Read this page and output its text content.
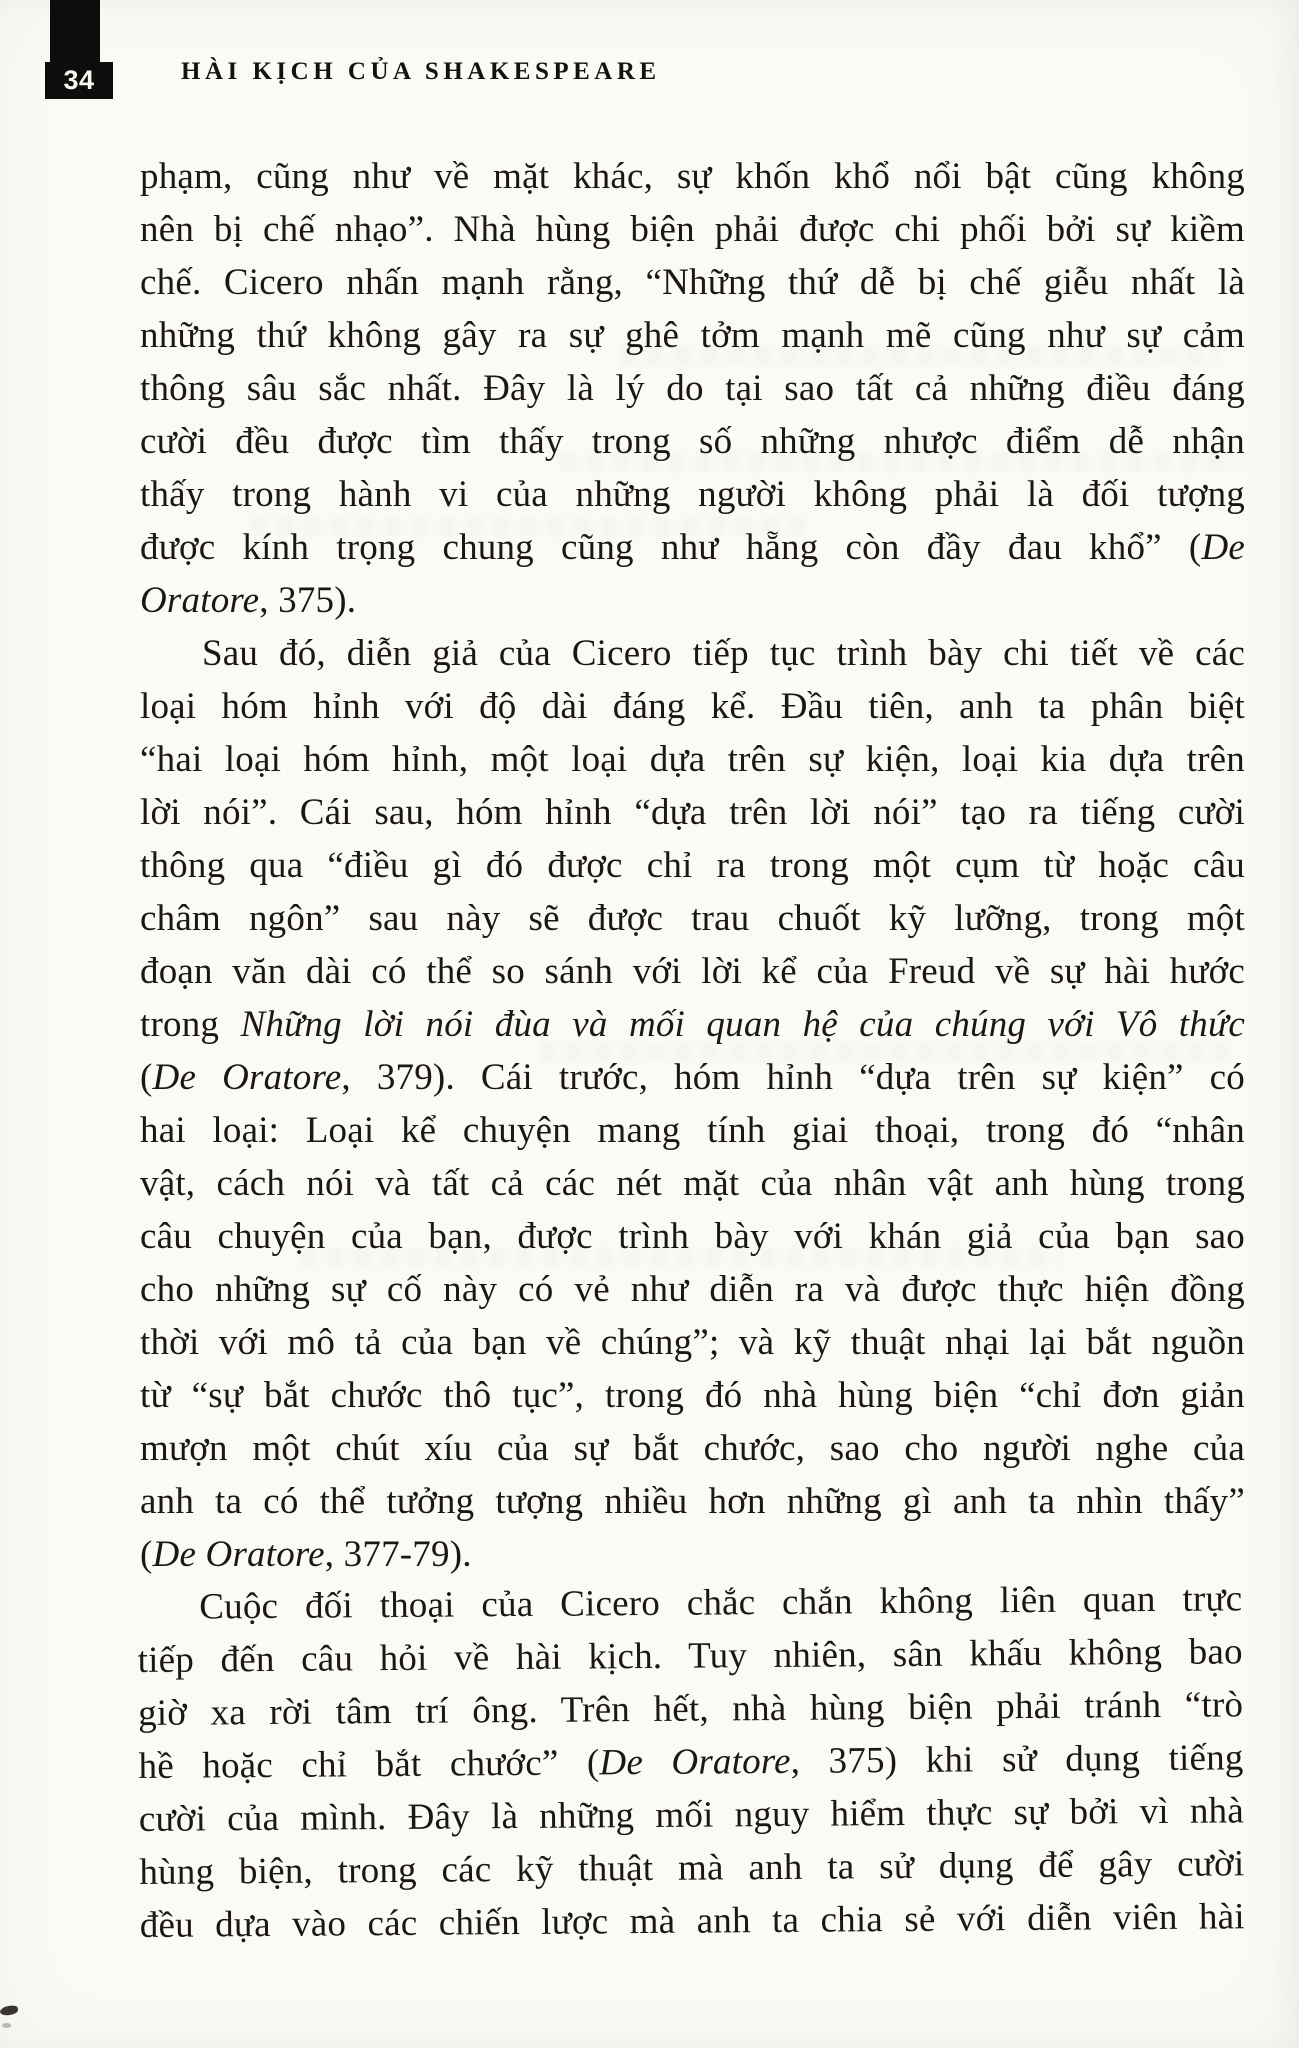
34	HÀI KỊCH CỦA SHAKESPEARE
phạm, cũng như về mặt khác, sự khốn khổ nổi bật cũng không
nên bị chế nhạo”. Nhà hùng biện phải được chi phối bởi sự kiềm
chế. Cicero nhấn mạnh rằng, “Những thứ dễ bị chế giễu nhất là
những thứ không gây ra sự ghê tởm mạnh mẽ cũng như sự cảm
thông sâu sắc nhất. Đây là lý do tại sao tất cả những điều đáng
cười đều được tìm thấy trong số những nhược điểm dễ nhận
thấy trong hành vi của những người không phải là đối tượng
được kính trọng chung cũng như hẵng còn đầy đau khổ” (De
Oratore, 375).
Sau đó, diễn giả của Cicero tiếp tục trình bày chi tiết về các
loại hóm hỉnh với độ dài đáng kể. Đầu tiên, anh ta phân biệt
“hai loại hóm hỉnh, một loại dựa trên sự kiện, loại kia dựa trên
lời nói”. Cái sau, hóm hỉnh “dựa trên lời nói” tạo ra tiếng cười
thông qua “điều gì đó được chỉ ra trong một cụm từ hoặc câu
châm ngôn” sau này sẽ được trau chuốt kỹ lưỡng, trong một
đoạn văn dài có thể so sánh với lời kể của Freud về sự hài hước
trong Những lời nói đùa và mối quan hệ của chúng với Vô thức
(De Oratore, 379). Cái trước, hóm hỉnh “dựa trên sự kiện” có
hai loại: Loại kể chuyện mang tính giai thoại, trong đó “nhân
vật, cách nói và tất cả các nét mặt của nhân vật anh hùng trong
câu chuyện của bạn, được trình bày với khán giả của bạn sao
cho những sự cố này có vẻ như diễn ra và được thực hiện đồng
thời với mô tả của bạn về chúng”; và kỹ thuật nhại lại bắt nguồn
từ “sự bắt chước thô tục”, trong đó nhà hùng biện “chỉ đơn giản
mượn một chút xíu của sự bắt chước, sao cho người nghe của
anh ta có thể tưởng tượng nhiều hơn những gì anh ta nhìn thấy”
(De Oratore, 377-79).
Cuộc đối thoại của Cicero chắc chắn không liên quan trực
tiếp đến câu hỏi về hài kịch. Tuy nhiên, sân khấu không bao
giờ xa rời tâm trí ông. Trên hết, nhà hùng biện phải tránh “trò
hề hoặc chỉ bắt chước” (De Oratore, 375) khi sử dụng tiếng
cười của mình. Đây là những mối nguy hiểm thực sự bởi vì nhà
hùng biện, trong các kỹ thuật mà anh ta sử dụng để gây cười
đều dựa vào các chiến lược mà anh ta chia sẻ với diễn viên hài
